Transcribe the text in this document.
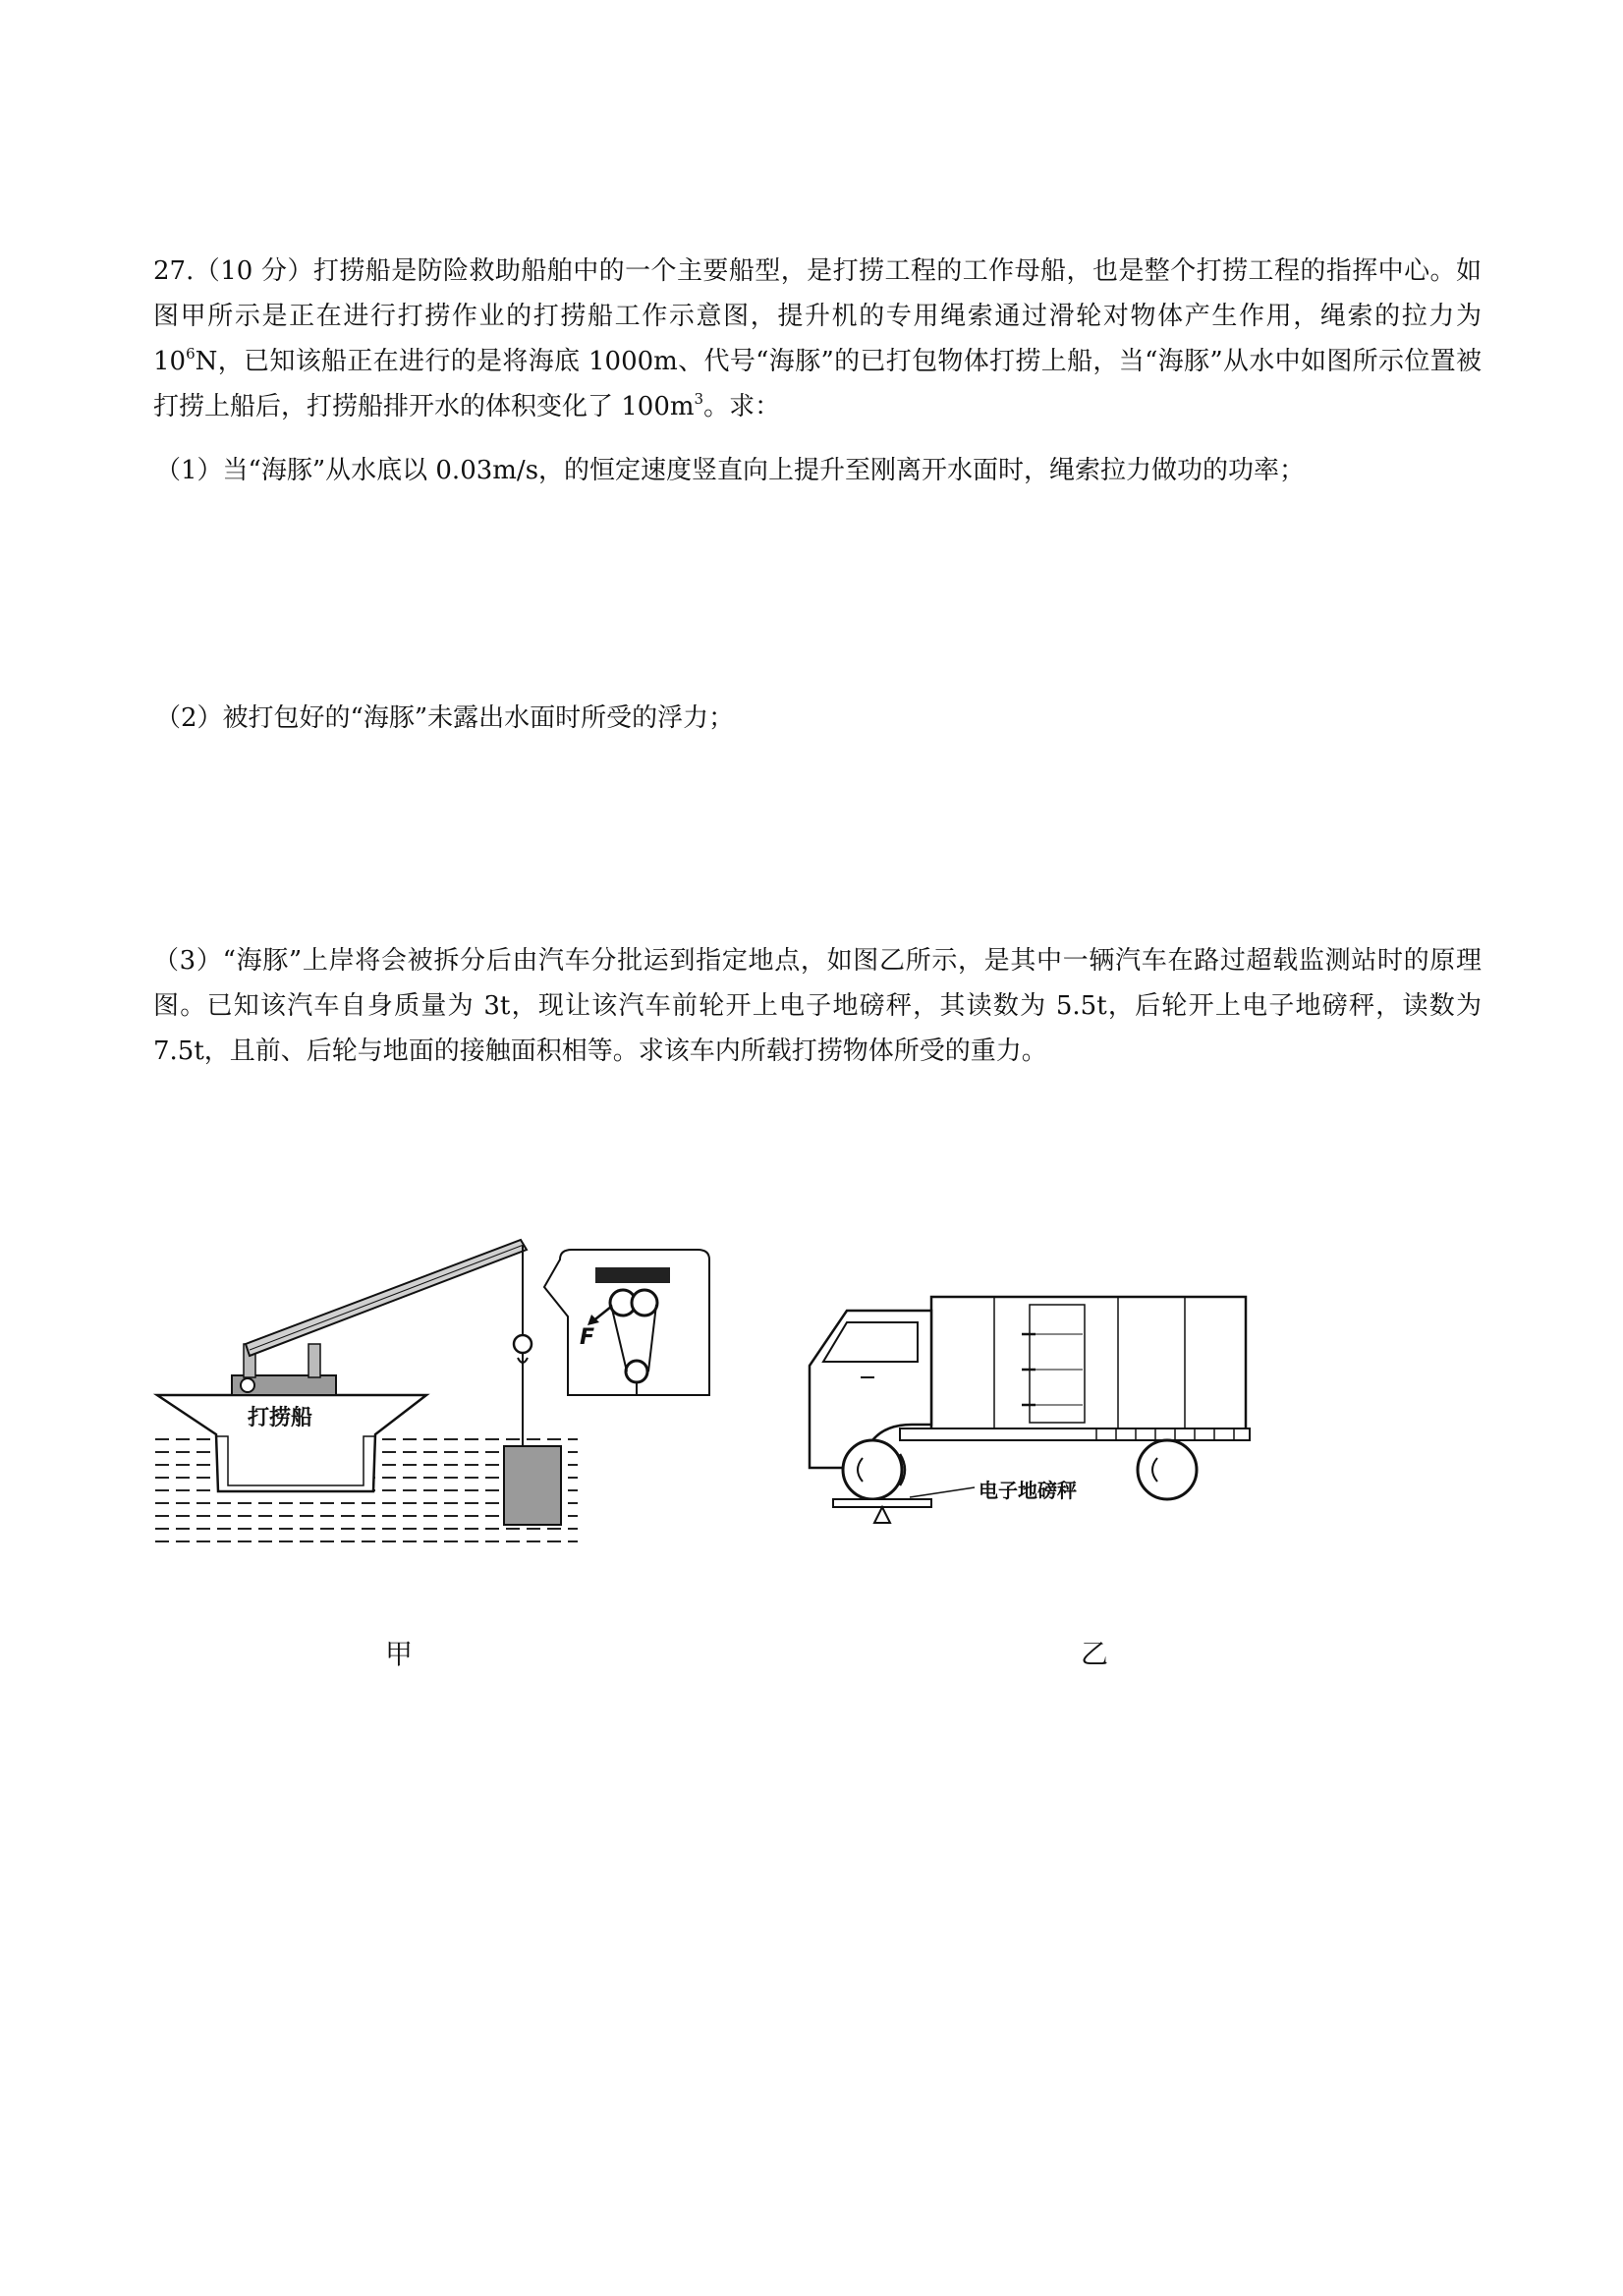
27.（10 分）打捞船是防险救助船舶中的一个主要船型，是打捞工程的工作母船，也是整个打捞工程的指挥中心。如图甲所示是正在进行打捞作业的打捞船工作示意图，提升机的专用绳索通过滑轮对物体产生作用，绳索的拉力为 $10^6N$，已知该船正在进行的是将海底 1000m、代号“海豚”的已打包物体打捞上船，当“海豚”从水中如图所示位置被打捞上船后，打捞船排开水的体积变化了 $100m^3$。求：
（1）当“海豚”从水底以 0.03m/s，的恒定速度竖直向上提升至刚离开水面时，绳索拉力做功的功率；
（2）被打包好的“海豚”未露出水面时所受的浮力；
（3）“海豚”上岸将会被拆分后由汽车分批运到指定地点，如图乙所示，是其中一辆汽车在路过超载监测站时的原理图。已知该汽车自身质量为 3t，现让该汽车前轮开上电子地磅秤，其读数为 5.5t，后轮开上电子地磅秤，读数为 7.5t，且前、后轮与地面的接触面积相等。求该车内所载打捞物体所受的重力。
打捞船
F
甲
电子地磅秤
乙
